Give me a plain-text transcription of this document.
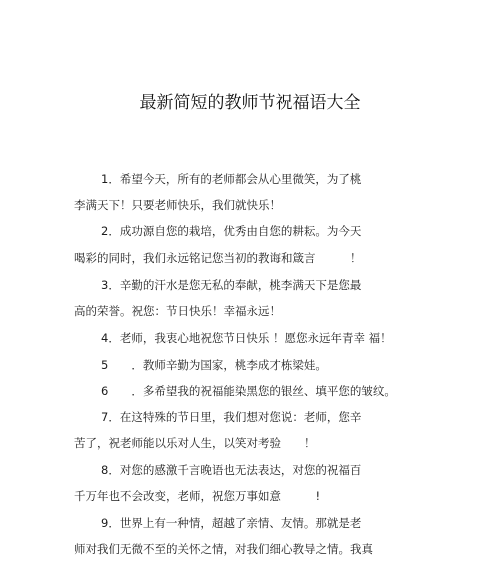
最新简短的教师节祝福语大全
1．希望今天，所有的老师都会从心里微笑，为了桃
李满天下！只要老师快乐，我们就快乐！
2．成功源自您的栽培，优秀由自您的耕耘。为今天
喝彩的同时，我们永远铭记您当初的教诲和箴言　　　！
3．辛勤的汗水是您无私的奉献，桃李满天下是您最
高的荣誉。祝您：节日快乐！幸福永远！
4．老师，我衷心地祝您节日快乐 ！愿您永远年青幸 福！
5　　．教师辛勤为国家，桃李成才栋梁娃。
6　　．多希望我的祝福能染黑您的银丝、填平您的皱纹。
7．在这特殊的节日里，我们想对您说：老师，您辛
苦了，祝老师能以乐对人生，以笑对考验　　！
8．对您的感激千言晚语也无法表达，对您的祝福百
千万年也不会改变，老师，祝您万事如意　　　!
9．世界上有一种情，超越了亲情、友情。那就是老
师对我们无微不至的关怀之情，对我们细心教导之情。我真
